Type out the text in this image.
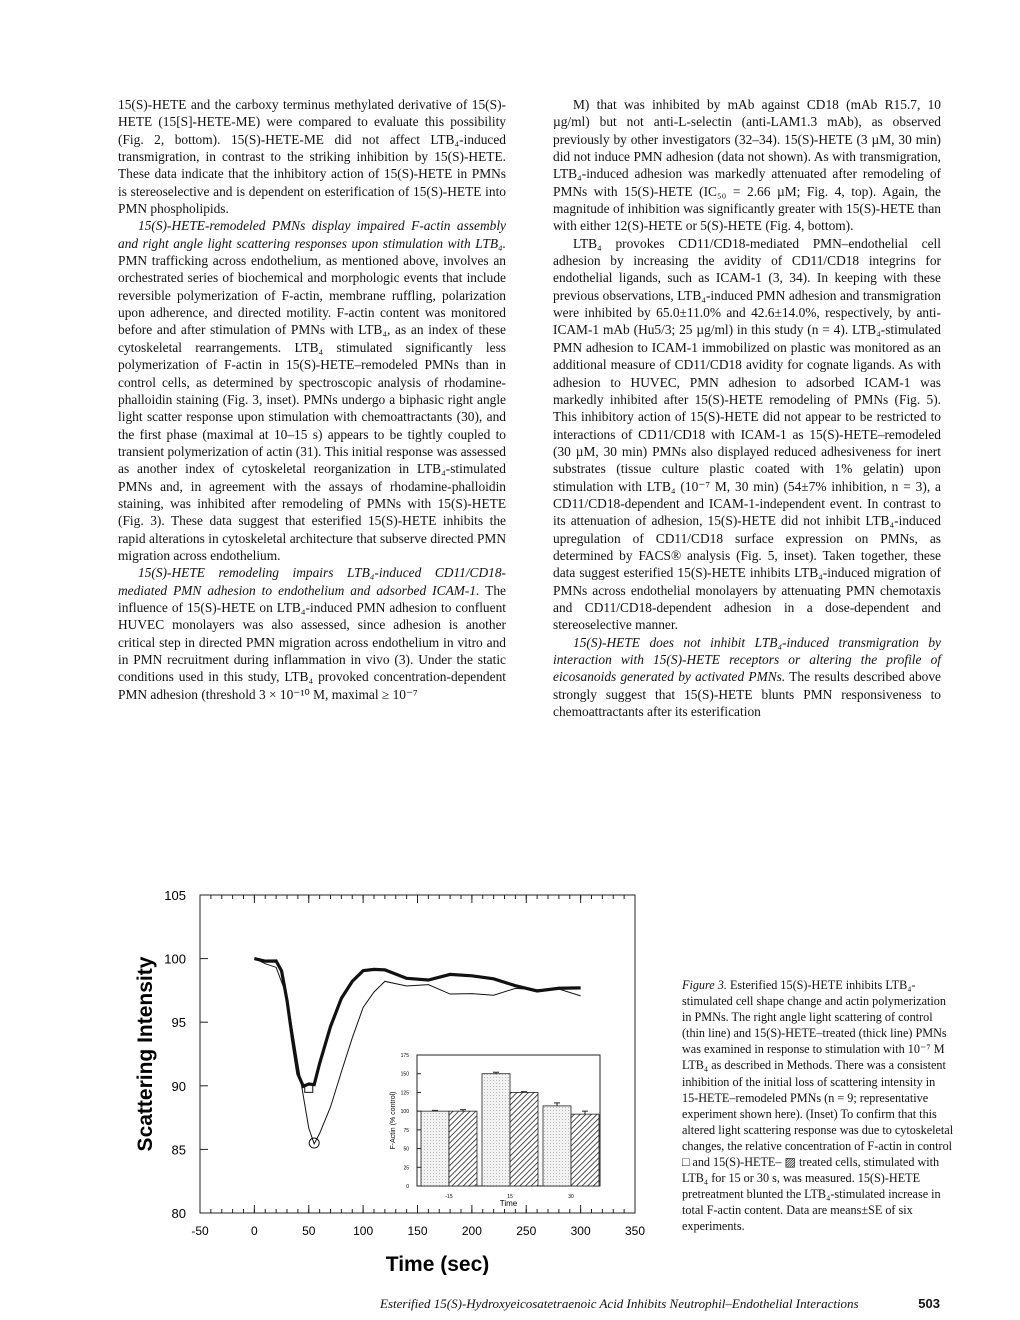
15(S)-HETE and the carboxy terminus methylated derivative of 15(S)-HETE (15[S]-HETE-ME) were compared to evaluate this possibility (Fig. 2, bottom). 15(S)-HETE-ME did not affect LTB₄-induced transmigration, in contrast to the striking inhibition by 15(S)-HETE. These data indicate that the inhibitory action of 15(S)-HETE in PMNs is stereoselective and is dependent on esterification of 15(S)-HETE into PMN phospholipids.

15(S)-HETE-remodeled PMNs display impaired F-actin assembly and right angle light scattering responses upon stimulation with LTB₄. PMN trafficking across endothelium, as mentioned above, involves an orchestrated series of biochemical and morphologic events that include reversible polymerization of F-actin, membrane ruffling, polarization upon adherence, and directed motility. F-actin content was monitored before and after stimulation of PMNs with LTB₄, as an index of these cytoskeletal rearrangements. LTB₄ stimulated significantly less polymerization of F-actin in 15(S)-HETE–remodeled PMNs than in control cells, as determined by spectroscopic analysis of rhodamine-phalloidin staining (Fig. 3, inset). PMNs undergo a biphasic right angle light scatter response upon stimulation with chemoattractants (30), and the first phase (maximal at 10–15 s) appears to be tightly coupled to transient polymerization of actin (31). This initial response was assessed as another index of cytoskeletal reorganization in LTB₄-stimulated PMNs and, in agreement with the assays of rhodamine-phalloidin staining, was inhibited after remodeling of PMNs with 15(S)-HETE (Fig. 3). These data suggest that esterified 15(S)-HETE inhibits the rapid alterations in cytoskeletal architecture that subserve directed PMN migration across endothelium.

15(S)-HETE remodeling impairs LTB₄-induced CD11/CD18-mediated PMN adhesion to endothelium and adsorbed ICAM-1. The influence of 15(S)-HETE on LTB₄-induced PMN adhesion to confluent HUVEC monolayers was also assessed, since adhesion is another critical step in directed PMN migration across endothelium in vitro and in PMN recruitment during inflammation in vivo (3). Under the static conditions used in this study, LTB₄ provoked concentration-dependent PMN adhesion (threshold 3 × 10⁻¹⁰ M, maximal ≥ 10⁻⁷

M) that was inhibited by mAb against CD18 (mAb R15.7, 10 µg/ml) but not anti-L-selectin (anti-LAM1.3 mAb), as observed previously by other investigators (32–34). 15(S)-HETE (3 µM, 30 min) did not induce PMN adhesion (data not shown). As with transmigration, LTB₄-induced adhesion was markedly attenuated after remodeling of PMNs with 15(S)-HETE (IC₅₀ = 2.66 µM; Fig. 4, top). Again, the magnitude of inhibition was significantly greater with 15(S)-HETE than with either 12(S)-HETE or 5(S)-HETE (Fig. 4, bottom).

LTB₄ provokes CD11/CD18-mediated PMN–endothelial cell adhesion by increasing the avidity of CD11/CD18 integrins for endothelial ligands, such as ICAM-1 (3, 34). In keeping with these previous observations, LTB₄-induced PMN adhesion and transmigration were inhibited by 65.0±11.0% and 42.6±14.0%, respectively, by anti-ICAM-1 mAb (Hu5/3; 25 µg/ml) in this study (n = 4). LTB₄-stimulated PMN adhesion to ICAM-1 immobilized on plastic was monitored as an additional measure of CD11/CD18 avidity for cognate ligands. As with adhesion to HUVEC, PMN adhesion to adsorbed ICAM-1 was markedly inhibited after 15(S)-HETE remodeling of PMNs (Fig. 5). This inhibitory action of 15(S)-HETE did not appear to be restricted to interactions of CD11/CD18 with ICAM-1 as 15(S)-HETE–remodeled (30 µM, 30 min) PMNs also displayed reduced adhesiveness for inert substrates (tissue culture plastic coated with 1% gelatin) upon stimulation with LTB₄ (10⁻⁷ M, 30 min) (54±7% inhibition, n = 3), a CD11/CD18-dependent and ICAM-1-independent event. In contrast to its attenuation of adhesion, 15(S)-HETE did not inhibit LTB₄-induced upregulation of CD11/CD18 surface expression on PMNs, as determined by FACS® analysis (Fig. 5, inset). Taken together, these data suggest esterified 15(S)-HETE inhibits LTB₄-induced migration of PMNs across endothelial monolayers by attenuating PMN chemotaxis and CD11/CD18-dependent adhesion in a dose-dependent and stereoselective manner.

15(S)-HETE does not inhibit LTB₄-induced transmigration by interaction with 15(S)-HETE receptors or altering the profile of eicosanoids generated by activated PMNs. The results described above strongly suggest that 15(S)-HETE blunts PMN responsiveness to chemoattractants after its esterification

-50	0	50	100	150	200	250	300	350
80
85
90
95
100
105
Time (sec)
Scattering Intensity
0
25
50
75
100
125
150
175
-15	15	30
Time
F-Actin (% control)
Figure 3. Esterified 15(S)-HETE inhibits LTB₄-stimulated cell shape change and actin polymerization in PMNs. The right angle light scattering of control (thin line) and 15(S)-HETE–treated (thick line) PMNs was examined in response to stimulation with 10⁻⁷ M LTB₄ as described in Methods. There was a consistent inhibition of the initial loss of scattering intensity in 15-HETE–remodeled PMNs (n = 9; representative experiment shown here). (Inset) To confirm that this altered light scattering response was due to cytoskeletal changes, the relative concentration of F-actin in control □ and 15(S)-HETE– ▨ treated cells, stimulated with LTB₄ for 15 or 30 s, was measured. 15(S)-HETE pretreatment blunted the LTB₄-stimulated increase in total F-actin content. Data are means±SE of six experiments.
Esterified 15(S)-Hydroxyeicosatetraenoic Acid Inhibits Neutrophil–Endothelial Interactions	503
